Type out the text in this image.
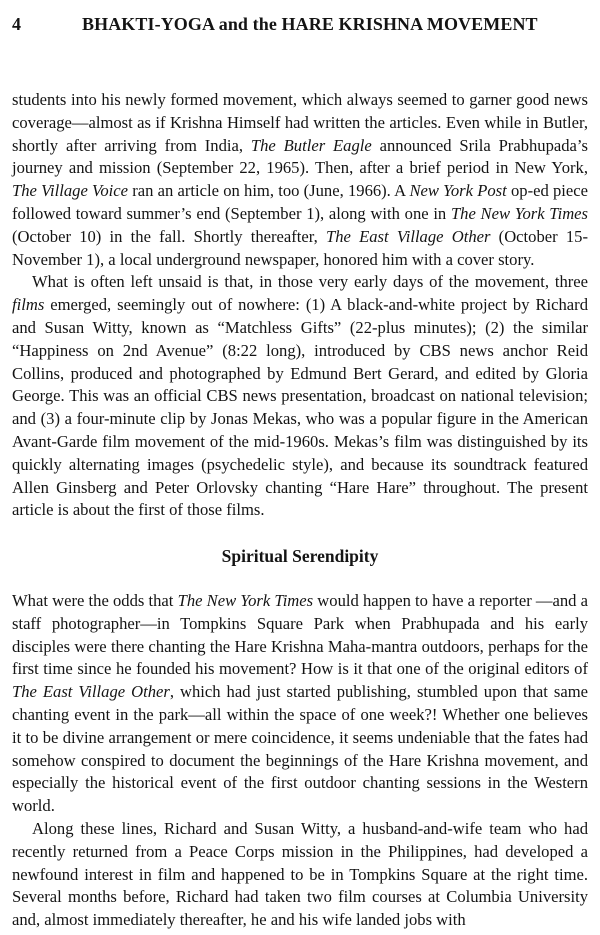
4	BHAKTI-YOGA and the HARE KRISHNA MOVEMENT

students into his newly formed movement, which always seemed to garner good news coverage—almost as if Krishna Himself had written the articles. Even while in Butler, shortly after arriving from India, The Butler Eagle announced Srila Prabhupada’s journey and mission (September 22, 1965). Then, after a brief period in New York, The Village Voice ran an article on him, too (June, 1966). A New York Post op-ed piece followed toward summer’s end (September 1), along with one in The New York Times (October 10) in the fall. Shortly thereafter, The East Village Other (October 15-November 1), a local underground newspaper, honored him with a cover story.

What is often left unsaid is that, in those very early days of the movement, three films emerged, seemingly out of nowhere: (1) A black-and-white project by Richard and Susan Witty, known as “Matchless Gifts” (22-plus minutes); (2) the similar “Happiness on 2nd Avenue” (8:22 long), introduced by CBS news anchor Reid Collins, produced and photographed by Edmund Bert Gerard, and edited by Gloria George. This was an official CBS news presentation, broadcast on national television; and (3) a four-minute clip by Jonas Mekas, who was a popular figure in the American Avant-Garde film movement of the mid-1960s. Mekas’s film was distinguished by its quickly alternating images (psychedelic style), and because its soundtrack featured Allen Ginsberg and Peter Orlovsky chanting “Hare Hare” throughout. The present article is about the first of those films.

Spiritual Serendipity

What were the odds that The New York Times would happen to have a reporter —and a staff photographer—in Tompkins Square Park when Prabhupada and his early disciples were there chanting the Hare Krishna Maha-mantra outdoors, perhaps for the first time since he founded his movement? How is it that one of the original editors of The East Village Other, which had just started publishing, stumbled upon that same chanting event in the park—all within the space of one week?! Whether one believes it to be divine arrangement or mere coincidence, it seems undeniable that the fates had somehow conspired to document the beginnings of the Hare Krishna movement, and especially the historical event of the first outdoor chanting sessions in the Western world.

Along these lines, Richard and Susan Witty, a husband-and-wife team who had recently returned from a Peace Corps mission in the Philippines, had developed a newfound interest in film and happened to be in Tompkins Square at the right time. Several months before, Richard had taken two film courses at Columbia University and, almost immediately thereafter, he and his wife landed jobs with
